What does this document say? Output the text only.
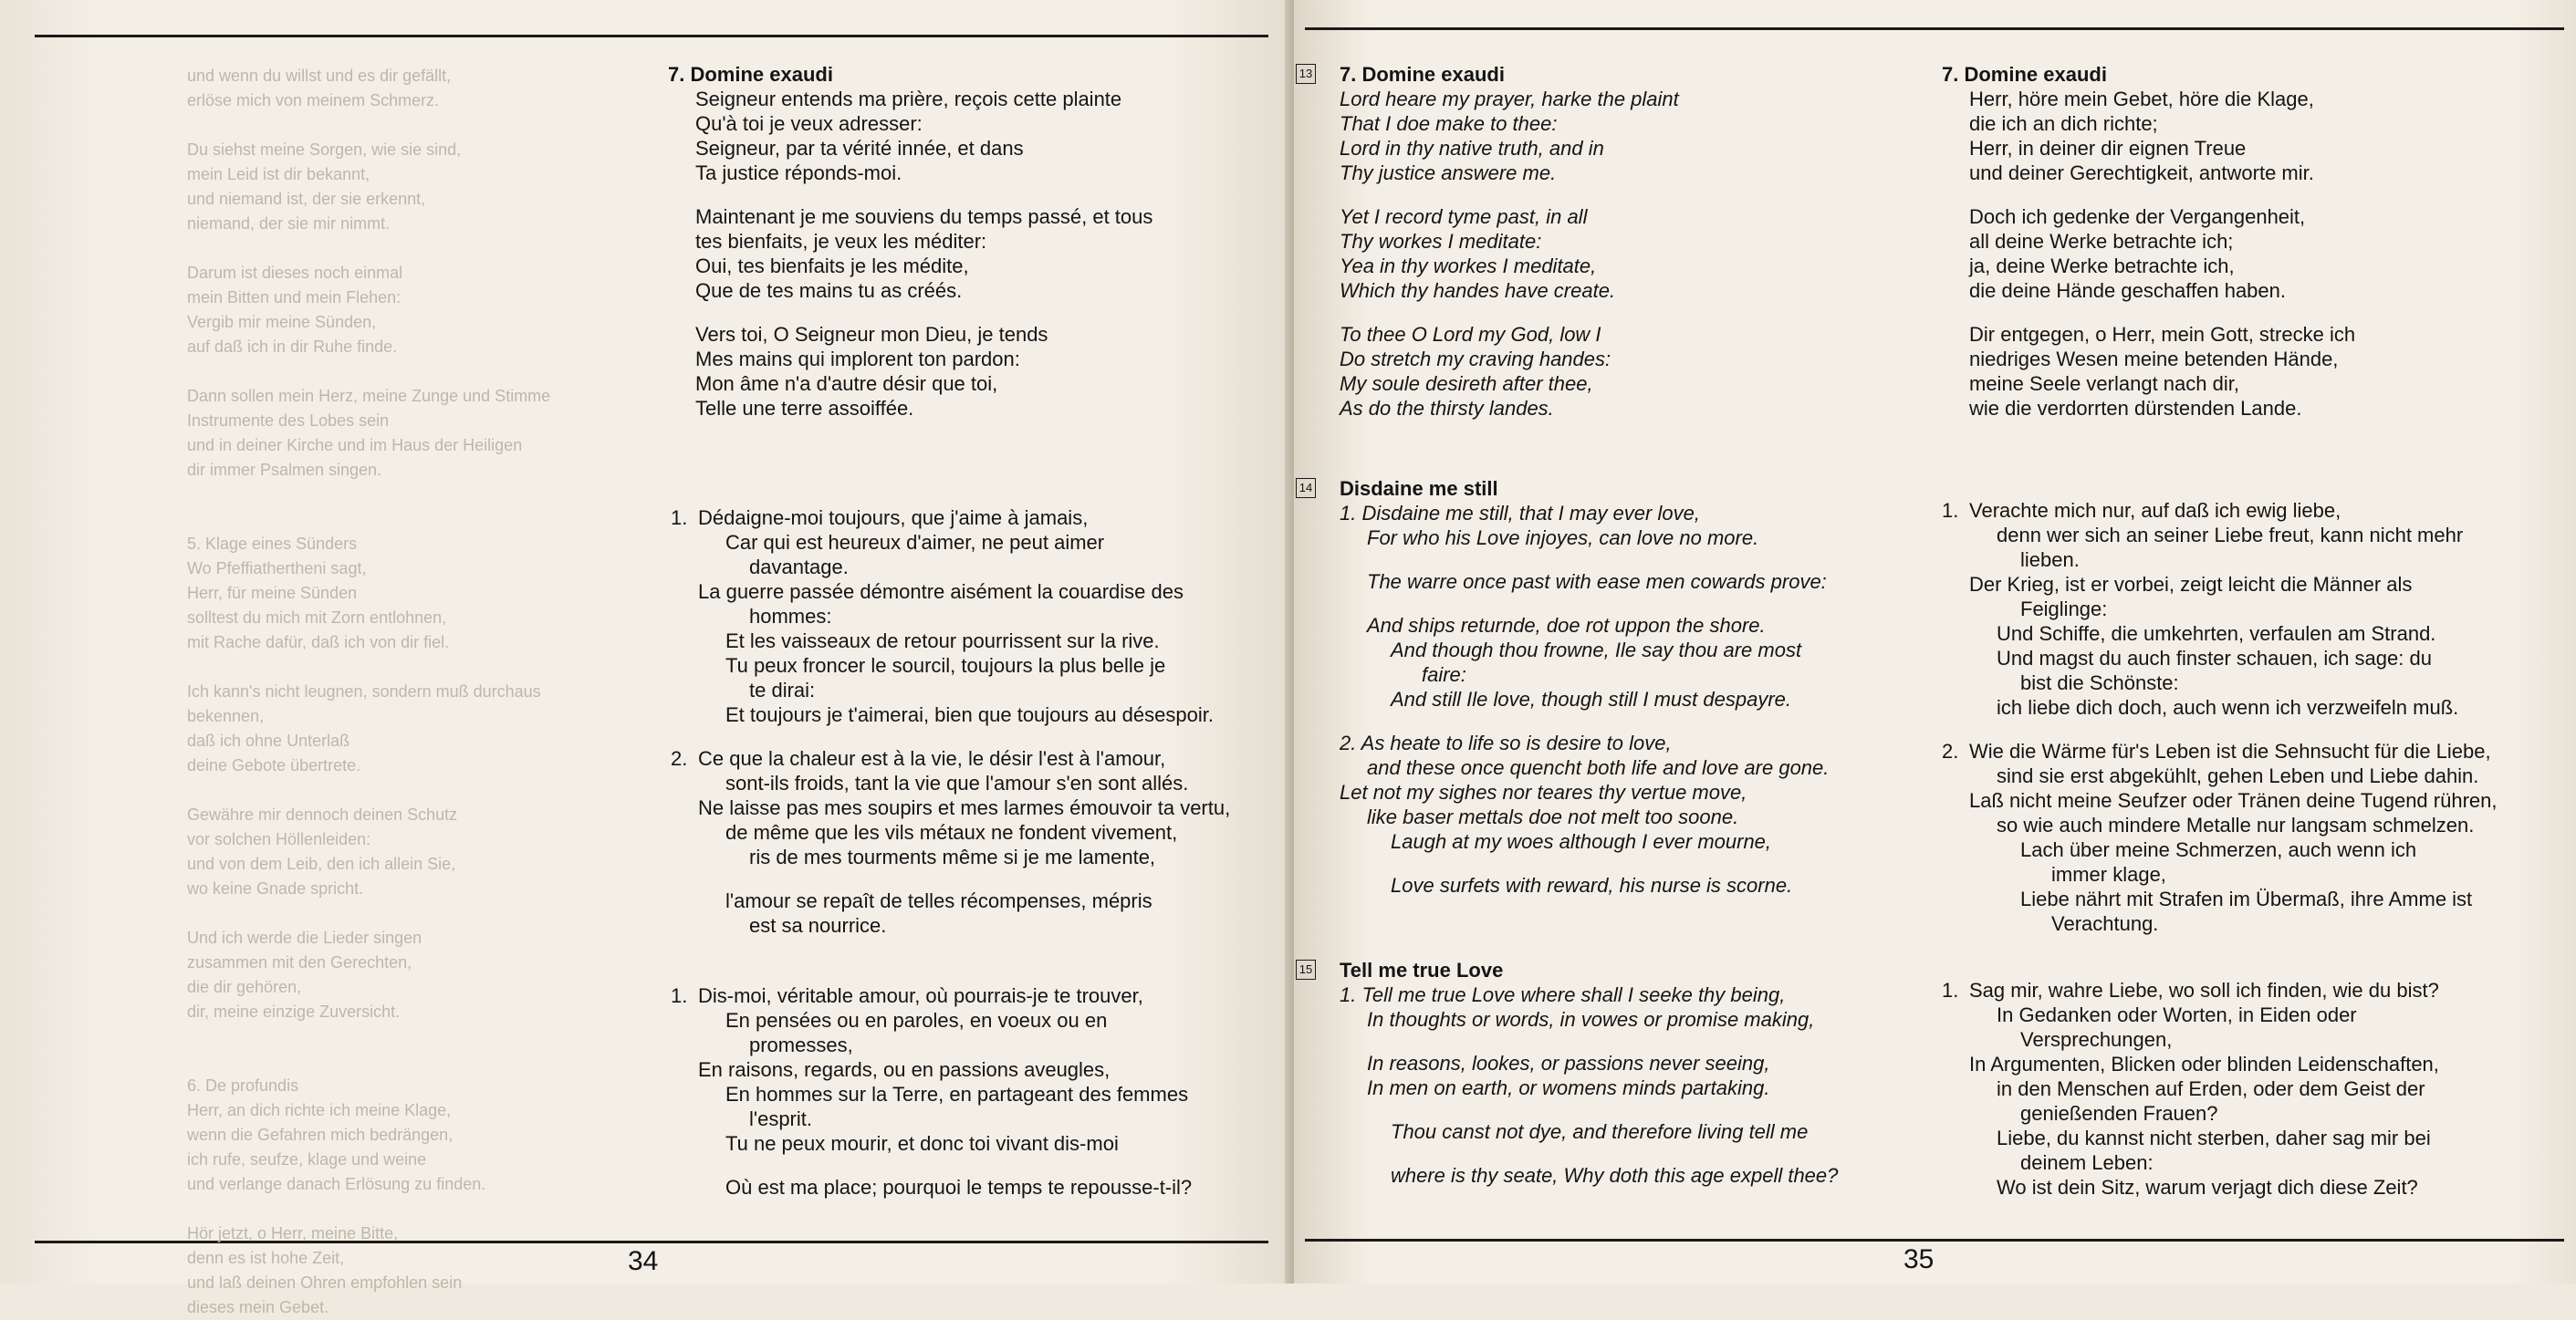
und wenn du willst und es dir gefällt,
erlöse mich von meinem Schmerz.

Du siehst meine Sorgen, wie sie sind,
mein Leid ist dir bekannt,
und niemand ist, der sie erkennt,
niemand, der sie mir nimmt.

Darum ist dieses noch einmal
mein Bitten und mein Flehen:
Vergib mir meine Sünden,
auf daß ich in dir Ruhe finde.

Dann sollen mein Herz, meine Zunge und Stimme
Instrumente des Lobes sein
und in deiner Kirche und im Haus der Heiligen
dir immer Psalmen singen.

5. Klage eines Sünders
Wo Pfeffiathertheni sagt,
Herr, für meine Sünden
solltest du mich mit Zorn entlohnen,
mit Rache dafür, daß ich von dir fiel.

Ich kann's nicht leugnen, sondern muß durchaus
bekennen,
daß ich ohne Unterlaß
deine Gebote übertrete.

Gewähre mir dennoch deinen Schutz
vor solchen Höllenleiden:
und von dem Leib, den ich allein Sie,
wo keine Gnade spricht.

Und ich werde die Lieder singen
zusammen mit den Gerechten,
die dir gehören,
dir, meine einzige Zuversicht.

6. De profundis
Herr, an dich richte ich meine Klage,
wenn die Gefahren mich bedrängen,
ich rufe, seufze, klage und weine
und verlange danach Erlösung zu finden.

Hör jetzt, o Herr, meine Bitte,
denn es ist hohe Zeit,
und laß deinen Ohren empfohlen sein
dieses mein Gebet.

7. Domine exaudi

Seigneur entends ma prière, reçois cette plainte

Qu'à toi je veux adresser:

Seigneur, par ta vérité innée, et dans

Ta justice réponds-moi.

Maintenant je me souviens du temps passé, et tous

tes bienfaits, je veux les méditer:

Oui, tes bienfaits je les médite,

Que de tes mains tu as créés.

Vers toi, O Seigneur mon Dieu, je tends

Mes mains qui implorent ton pardon:

Mon âme n'a d'autre désir que toi,

Telle une terre assoiffée.

1. Dédaigne-moi toujours, que j'aime à jamais,

Car qui est heureux d'aimer, ne peut aimer

davantage.

La guerre passée démontre aisément la couardise des

hommes:

Et les vaisseaux de retour pourrissent sur la rive.

Tu peux froncer le sourcil, toujours la plus belle je

te dirai:

Et toujours je t'aimerai, bien que toujours au désespoir.

2. Ce que la chaleur est à la vie, le désir l'est à l'amour,

sont-ils froids, tant la vie que l'amour s'en sont allés.

Ne laisse pas mes soupirs et mes larmes émouvoir ta vertu,

de même que les vils métaux ne fondent vivement,

ris de mes tourments même si je me lamente,

l'amour se repaît de telles récompenses, mépris

est sa nourrice.

1. Dis-moi, véritable amour, où pourrais-je te trouver,

En pensées ou en paroles, en voeux ou en

promesses,

En raisons, regards, ou en passions aveugles,

En hommes sur la Terre, en partageant des femmes

l'esprit.

Tu ne peux mourir, et donc toi vivant dis-moi

Où est ma place; pourquoi le temps te repousse-t-il?

34
13 7. Domine exaudi

Lord heare my prayer, harke the plaint

That I doe make to thee:

Lord in thy native truth, and in

Thy justice answere me.

Yet I record tyme past, in all

Thy workes I meditate:

Yea in thy workes I meditate,

Which thy handes have create.

To thee O Lord my God, low I

Do stretch my craving handes:

My soule desireth after thee,

As do the thirsty landes.

14 Disdaine me still

1. Disdaine me still, that I may ever love,

For who his Love injoyes, can love no more.

The warre once past with ease men cowards prove:

And ships returnde, doe rot uppon the shore.

And though thou frowne, Ile say thou are most

faire:

And still Ile love, though still I must despayre.

2. As heate to life so is desire to love,

and these once quencht both life and love are gone.

Let not my sighes nor teares thy vertue move,

like baser mettals doe not melt too soone.

Laugh at my woes although I ever mourne,

Love surfets with reward, his nurse is scorne.

15 Tell me true Love

1. Tell me true Love where shall I seeke thy being,

In thoughts or words, in vowes or promise making,

In reasons, lookes, or passions never seeing,

In men on earth, or womens minds partaking.

Thou canst not dye, and therefore living tell me

where is thy seate, Why doth this age expell thee?

7. Domine exaudi

Herr, höre mein Gebet, höre die Klage,

die ich an dich richte;

Herr, in deiner dir eignen Treue

und deiner Gerechtigkeit, antworte mir.

Doch ich gedenke der Vergangenheit,

all deine Werke betrachte ich;

ja, deine Werke betrachte ich,

die deine Hände geschaffen haben.

Dir entgegen, o Herr, mein Gott, strecke ich

niedriges Wesen meine betenden Hände,

meine Seele verlangt nach dir,

wie die verdorrten dürstenden Lande.

1. Verachte mich nur, auf daß ich ewig liebe,

denn wer sich an seiner Liebe freut, kann nicht mehr

lieben.

Der Krieg, ist er vorbei, zeigt leicht die Männer als

Feiglinge:

Und Schiffe, die umkehrten, verfaulen am Strand.

Und magst du auch finster schauen, ich sage: du

bist die Schönste:

ich liebe dich doch, auch wenn ich verzweifeln muß.

2. Wie die Wärme für's Leben ist die Sehnsucht für die Liebe,

sind sie erst abgekühlt, gehen Leben und Liebe dahin.

Laß nicht meine Seufzer oder Tränen deine Tugend rühren,

so wie auch mindere Metalle nur langsam schmelzen.

Lach über meine Schmerzen, auch wenn ich

immer klage,

Liebe nährt mit Strafen im Übermaß, ihre Amme ist

Verachtung.

1. Sag mir, wahre Liebe, wo soll ich finden, wie du bist?

In Gedanken oder Worten, in Eiden oder

Versprechungen,

In Argumenten, Blicken oder blinden Leidenschaften,

in den Menschen auf Erden, oder dem Geist der

genießenden Frauen?

Liebe, du kannst nicht sterben, daher sag mir bei

deinem Leben:

Wo ist dein Sitz, warum verjagt dich diese Zeit?

35
